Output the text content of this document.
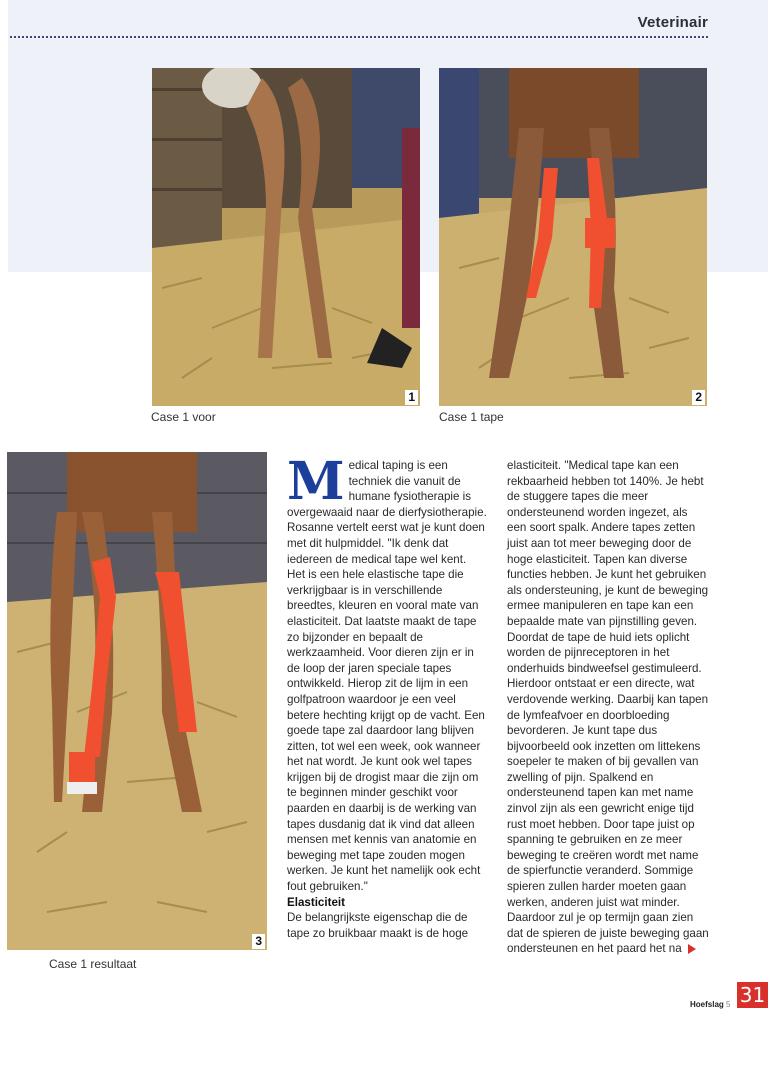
Veterinair
1
Case 1 voor
2
Case 1 tape
3
Case 1 resultaat

Medical taping is een techniek die vanuit de humane fysiotherapie is overgewaaid naar de dierfysiotherapie. Rosanne vertelt eerst wat je kunt doen met dit hulpmiddel. "Ik denk dat iedereen de medical tape wel kent. Het is een hele elastische tape die verkrijgbaar is in verschillende breedtes, kleuren en vooral mate van elasticiteit. Dat laatste maakt de tape zo bijzonder en bepaalt de werkzaamheid. Voor dieren zijn er in de loop der jaren speciale tapes ontwikkeld. Hierop zit de lijm in een golfpatroon waardoor je een veel betere hechting krijgt op de vacht. Een goede tape zal daardoor lang blijven zitten, tot wel een week, ook wanneer het nat wordt. Je kunt ook wel tapes krijgen bij de drogist maar die zijn om te beginnen minder geschikt voor paarden en daarbij is de werking van tapes dusdanig dat ik vind dat alleen mensen met kennis van anatomie en beweging met tape zouden mogen werken. Je kunt het namelijk ook echt fout gebruiken."

Elasticiteit

De belangrijkste eigenschap die de tape zo bruikbaar maakt is de hoge

elasticiteit. "Medical tape kan een rekbaarheid hebben tot 140%. Je hebt de stuggere tapes die meer ondersteunend worden ingezet, als een soort spalk. Andere tapes zetten juist aan tot meer beweging door de hoge elasticiteit. Tapen kan diverse functies hebben. Je kunt het gebruiken als ondersteuning, je kunt de beweging ermee manipuleren en tape kan een bepaalde mate van pijnstilling geven. Doordat de tape de huid iets oplicht worden de pijnreceptoren in het onderhuids bindweefsel gestimuleerd. Hierdoor ontstaat er een directe, wat verdovende werking. Daarbij kan tapen de lymfeafvoer en doorbloeding bevorderen. Je kunt tape dus bijvoorbeeld ook inzetten om littekens soepeler te maken of bij gevallen van zwelling of pijn. Spalkend en ondersteunend tapen kan met name zinvol zijn als een gewricht enige tijd rust moet hebben. Door tape juist op spanning te gebruiken en ze meer beweging te creëren wordt met name de spierfunctie veranderd. Sommige spieren zullen harder moeten gaan werken, anderen juist wat minder. Daardoor zul je op termijn gaan zien dat de spieren de juiste beweging gaan ondersteunen en het paard het na

Hoefslag 5 31
